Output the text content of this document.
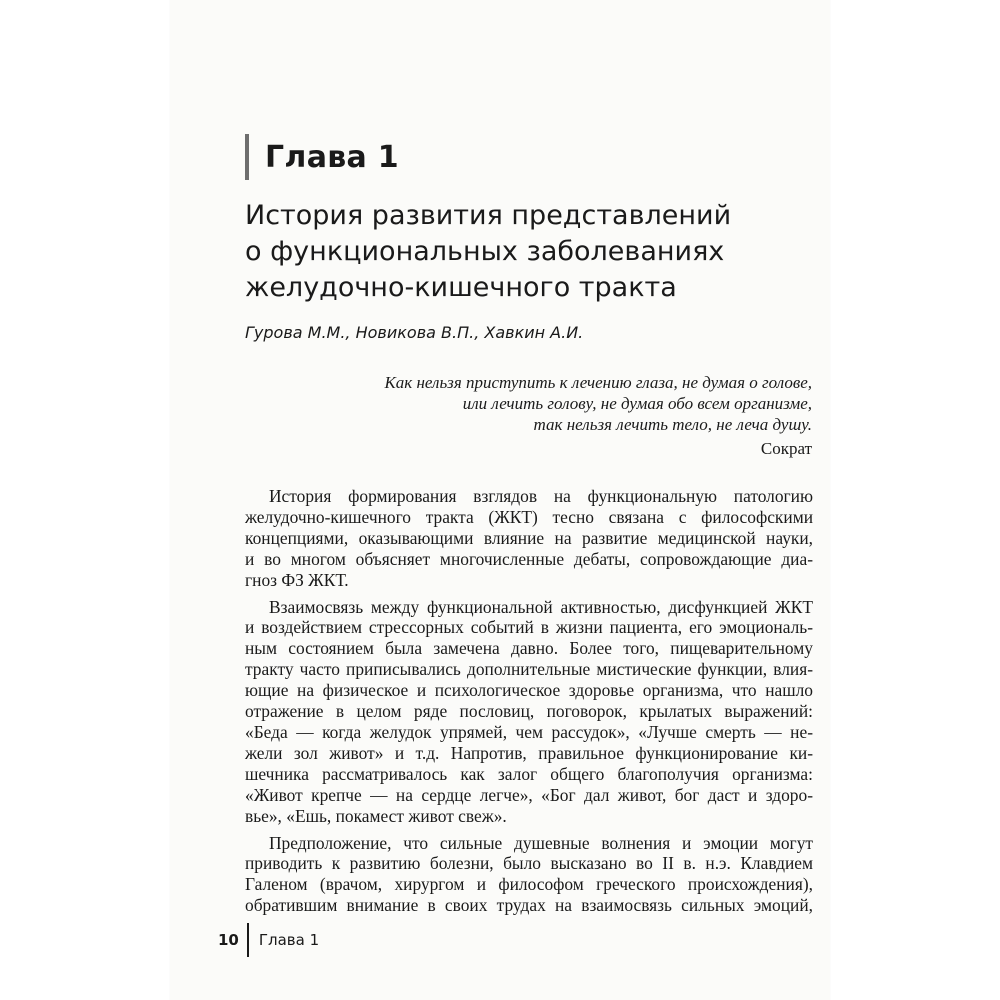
Глава 1
История развития представлений
о функциональных заболеваниях
желудочно-кишечного тракта
Гурова М.М., Новикова В.П., Хавкин А.И.
Как нельзя приступить к лечению глаза, не думая о голове,
или лечить голову, не думая обо всем организме,
так нельзя лечить тело, не леча душу.
Сократ
История формирования взглядов на функциональную патологию
желудочно-кишечного тракта (ЖКТ) тесно связана с философскими
концепциями, оказывающими влияние на развитие медицинской науки,
и во многом объясняет многочисленные дебаты, сопровождающие диа-
гноз ФЗ ЖКТ.
Взаимосвязь между функциональной активностью, дисфункцией ЖКТ
и воздействием стрессорных событий в жизни пациента, его эмоциональ-
ным состоянием была замечена давно. Более того, пищеварительному
тракту часто приписывались дополнительные мистические функции, влия-
ющие на физическое и психологическое здоровье организма, что нашло
отражение в целом ряде пословиц, поговорок, крылатых выражений:
«Беда — когда желудок упрямей, чем рассудок», «Лучше смерть — не-
жели зол живот» и т.д. Напротив, правильное функционирование ки-
шечника рассматривалось как залог общего благополучия организма:
«Живот крепче — на сердце легче», «Бог дал живот, бог даст и здоро-
вье», «Ешь, покамест живот свеж».
Предположение, что сильные душевные волнения и эмоции могут
приводить к развитию болезни, было высказано во II в. н.э. Клавдием
Галеном (врачом, хирургом и философом греческого происхождения),
обратившим внимание в своих трудах на взаимосвязь сильных эмоций,
10 Глава 1
